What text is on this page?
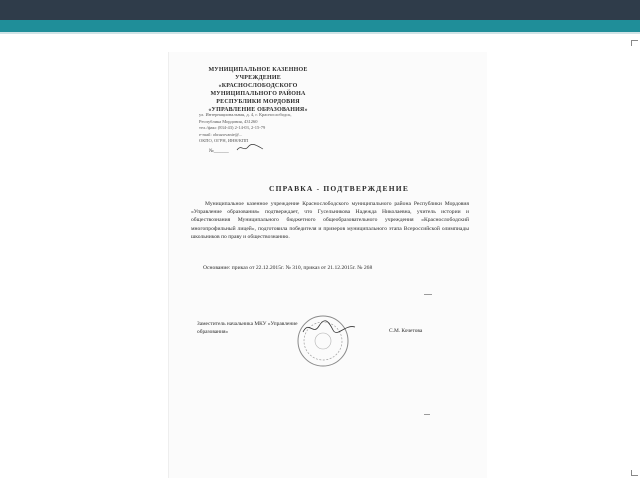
МУНИЦИПАЛЬНОЕ КАЗЕННОЕ
УЧРЕЖДЕНИЕ
«КРАСНОСЛОБОДСКОГО
МУНИЦИПАЛЬНОГО РАЙОНА
РЕСПУБЛИКИ МОРДОВИЯ
«УПРАВЛЕНИЕ ОБРАЗОВАНИЯ»
ул. Интернациональная, д. 4, г. Краснослободск,
Республика Мордовия, 431260
тел./факс (834-43) 2-14-03, 2-15-79
e-mail: obrazovanie@...
ОКПО, ОГРН, ИНН/КПП
№______
СПРАВКА - ПОДТВЕРЖДЕНИЕ
Муниципальное казенное учреждение Краснослободского муниципального района Республики Мордовия «Управление образования» подтверждает, что Гусельникова Надежда Николаевна, учитель истории и обществознания Муниципального бюджетного общеобразовательного учреждения «Краснослободский многопрофильный лицей», подготовила победителя и призеров муниципального этапа Всероссийской олимпиады школьников по праву и обществознанию.
Основание: приказ от 22.12.2015г. № 310, приказ от 21.12.2015г. № 268
Заместитель начальника МКУ «Управление образования»	С.М. Кочетова
